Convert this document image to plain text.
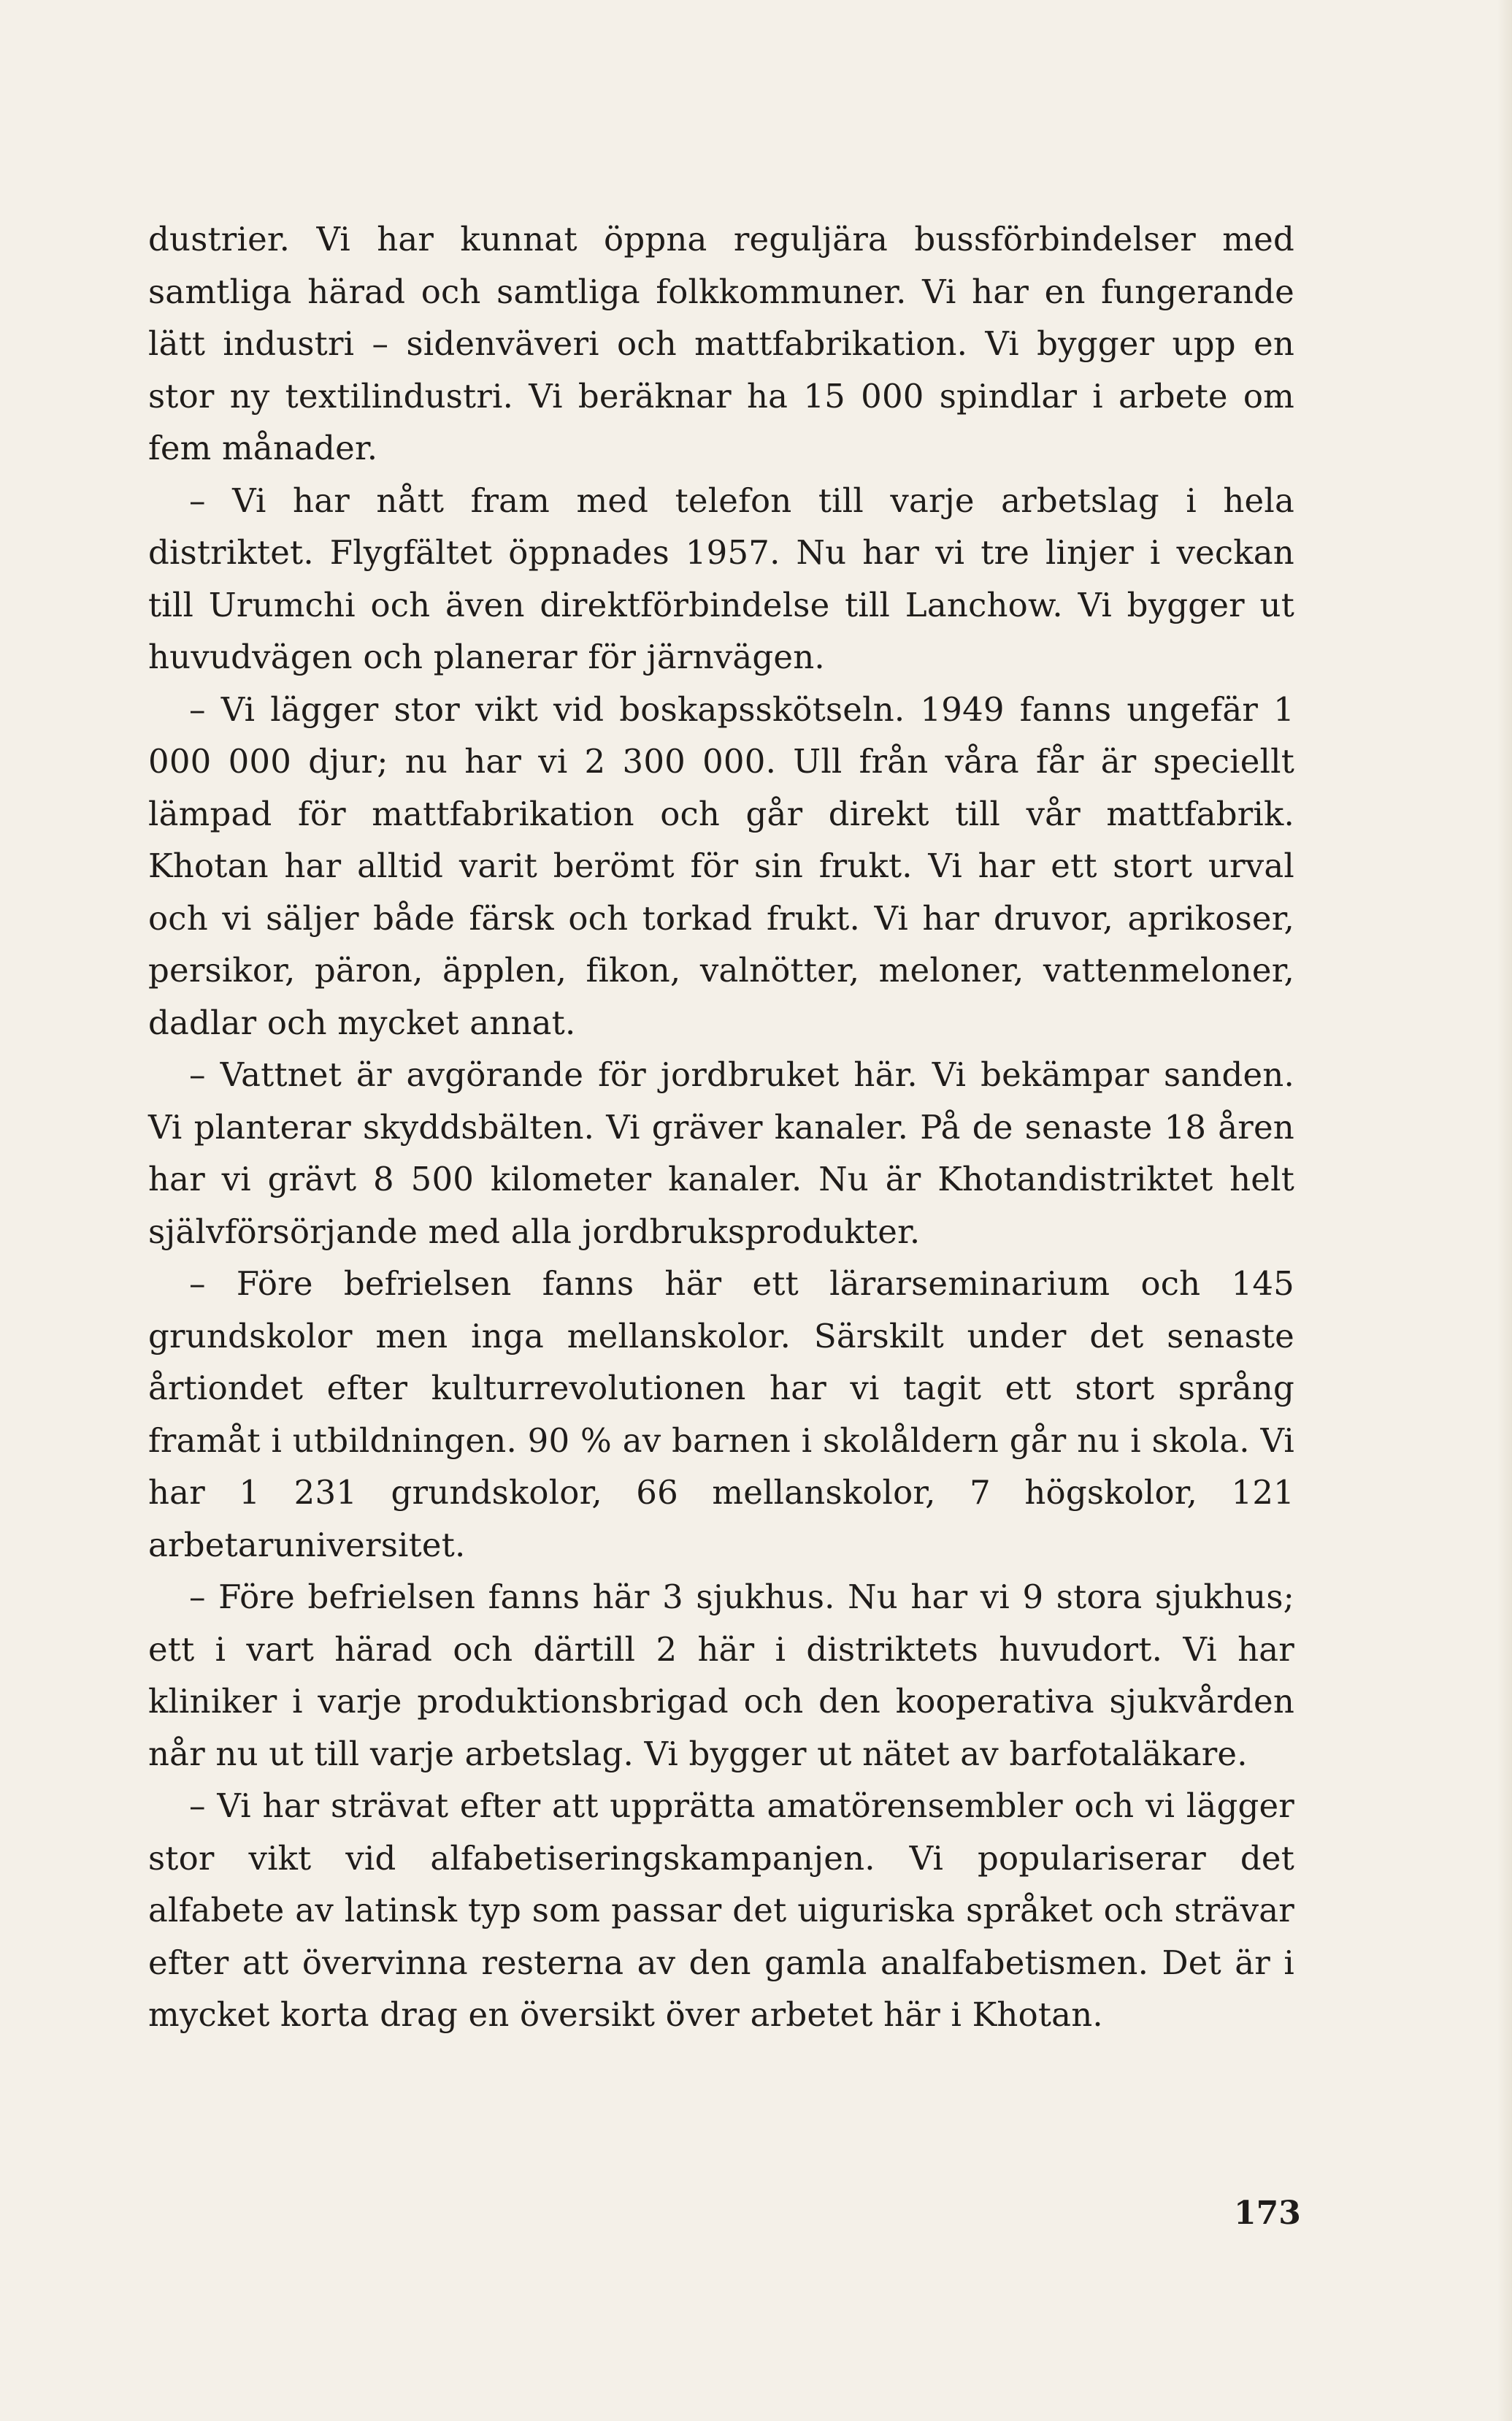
dustrier. Vi har kunnat öppna reguljära bussförbindelser med samtliga härad och samtliga folkkommuner. Vi har en fungerande lätt industri – sidenväveri och mattfabrikation. Vi bygger upp en stor ny textilindustri. Vi beräknar ha 15 000 spindlar i arbete om fem månader.

– Vi har nått fram med telefon till varje arbetslag i hela distriktet. Flygfältet öppnades 1957. Nu har vi tre linjer i veckan till Urumchi och även direktförbindelse till Lanchow. Vi bygger ut huvudvägen och planerar för järnvägen.

– Vi lägger stor vikt vid boskapsskötseln. 1949 fanns ungefär 1 000 000 djur; nu har vi 2 300 000. Ull från våra får är speciellt lämpad för mattfabrikation och går direkt till vår mattfabrik. Khotan har alltid varit berömt för sin frukt. Vi har ett stort urval och vi säljer både färsk och torkad frukt. Vi har druvor, aprikoser, persikor, päron, äpplen, fikon, valnötter, meloner, vattenmeloner, dadlar och mycket annat.

– Vattnet är avgörande för jordbruket här. Vi bekämpar sanden. Vi planterar skyddsbälten. Vi gräver kanaler. På de senaste 18 åren har vi grävt 8 500 kilometer kanaler. Nu är Khotandistriktet helt självförsörjande med alla jordbruksprodukter.

– Före befrielsen fanns här ett lärarseminarium och 145 grundskolor men inga mellanskolor. Särskilt under det senaste årtiondet efter kulturrevolutionen har vi tagit ett stort språng framåt i utbildningen. 90 % av barnen i skolåldern går nu i skola. Vi har 1 231 grundskolor, 66 mellanskolor, 7 högskolor, 121 arbetaruniversitet.

– Före befrielsen fanns här 3 sjukhus. Nu har vi 9 stora sjukhus; ett i vart härad och därtill 2 här i distriktets huvudort. Vi har kliniker i varje produktionsbrigad och den kooperativa sjukvården når nu ut till varje arbetslag. Vi bygger ut nätet av barfotaläkare.

– Vi har strävat efter att upprätta amatörensembler och vi lägger stor vikt vid alfabetiseringskampanjen. Vi populariserar det alfabete av latinsk typ som passar det uiguriska språket och strävar efter att övervinna resterna av den gamla analfabetismen. Det är i mycket korta drag en översikt över arbetet här i Khotan.

173
